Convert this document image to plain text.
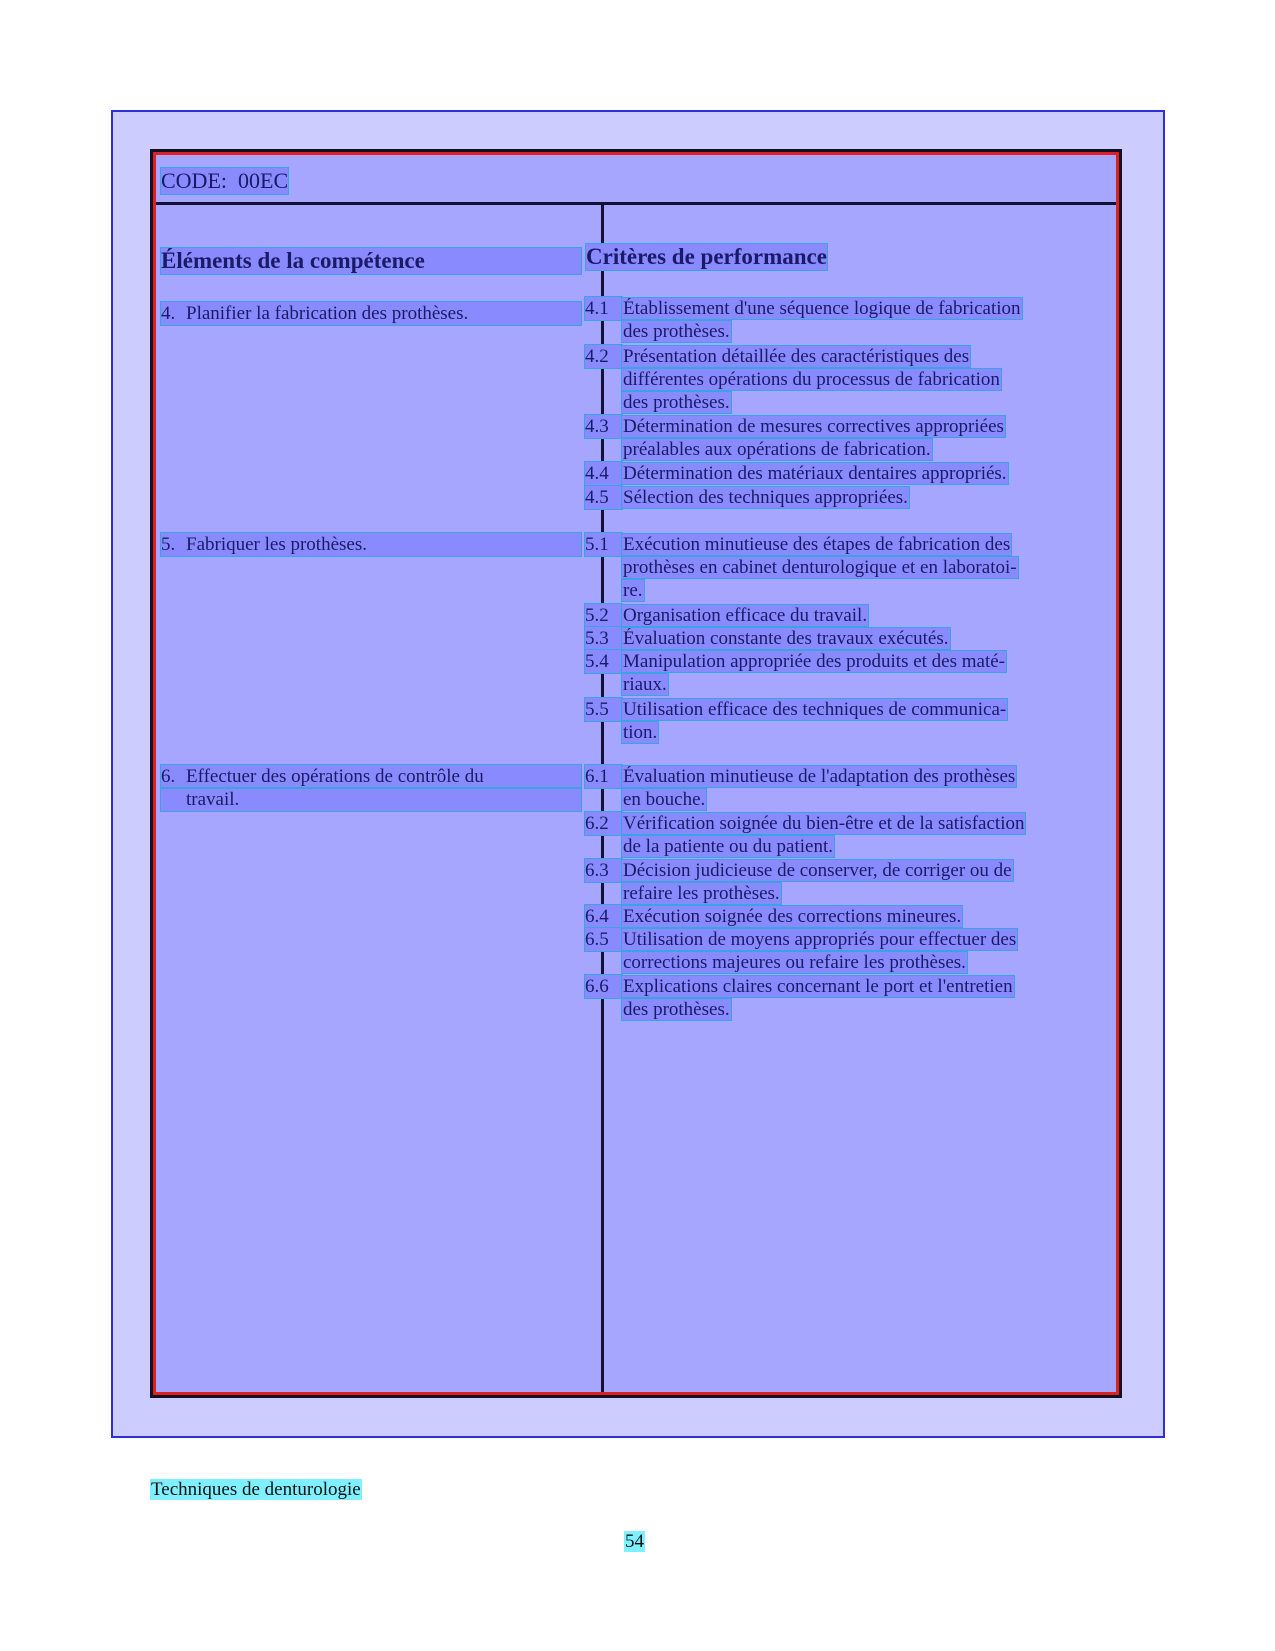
CODE: 00EC
Éléments de la compétence	Critères de performance
4. Planifier la fabrication des prothèses.
5. Fabriquer les prothèses.
6. Effectuer des opérations de contrôle du
travail.
4.1 Établissement d'une séquence logique de fabrication
des prothèses.
4.2 Présentation détaillée des caractéristiques des
différentes opérations du processus de fabrication
des prothèses.
4.3 Détermination de mesures correctives appropriées
préalables aux opérations de fabrication.
4.4 Détermination des matériaux dentaires appropriés.
4.5 Sélection des techniques appropriées.
5.1 Exécution minutieuse des étapes de fabrication des
prothèses en cabinet denturologique et en laboratoi-
re.
5.2 Organisation efficace du travail.
5.3 Évaluation constante des travaux exécutés.
5.4 Manipulation appropriée des produits et des maté-
riaux.
5.5 Utilisation efficace des techniques de communica-
tion.
6.1 Évaluation minutieuse de l'adaptation des prothèses
en bouche.
6.2 Vérification soignée du bien-être et de la satisfaction
de la patiente ou du patient.
6.3 Décision judicieuse de conserver, de corriger ou de
refaire les prothèses.
6.4 Exécution soignée des corrections mineures.
6.5 Utilisation de moyens appropriés pour effectuer des
corrections majeures ou refaire les prothèses.
6.6 Explications claires concernant le port et l'entretien
des prothèses.
Techniques de denturologie
54
